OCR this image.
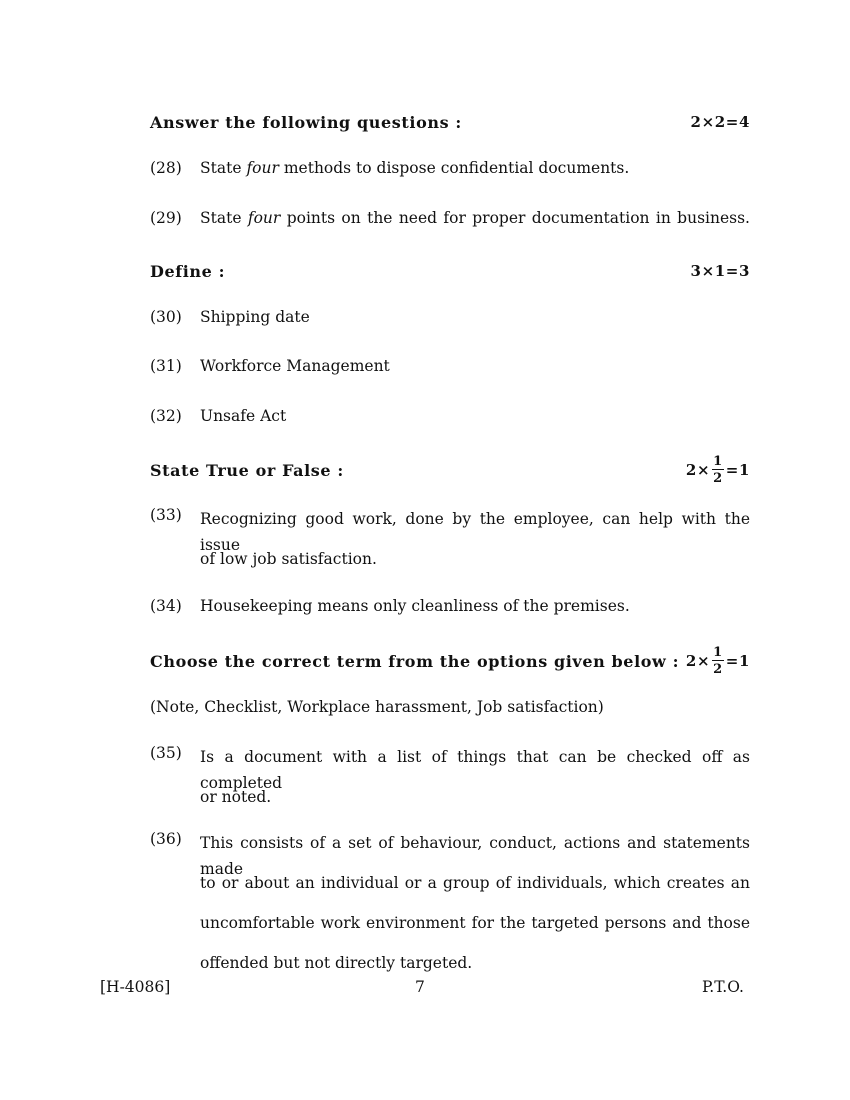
Answer the following questions :	2×2=4
(28) State four methods to dispose confidential documents.
(29) State four points on the need for proper documentation in business.
Define :	3×1=3
(30) Shipping date
(31) Workforce Management
(32) Unsafe Act
State True or False :	$2\times \frac{1}{2} =1$
(33) Recognizing good work, done by the employee, can help with the issue
of low job satisfaction.
(34) Housekeeping means only cleanliness of the premises.
Choose the correct term from the options given below : $2\times \frac{1}{2} =1$
(Note, Checklist, Workplace harassment, Job satisfaction)
(35) Is a document with a list of things that can be checked off as completed
or noted.
(36) This consists of a set of behaviour, conduct, actions and statements made
to or about an individual or a group of individuals, which creates an
uncomfortable work environment for the targeted persons and those
offended but not directly targeted.
[H-4086]	7	P.T.O.
